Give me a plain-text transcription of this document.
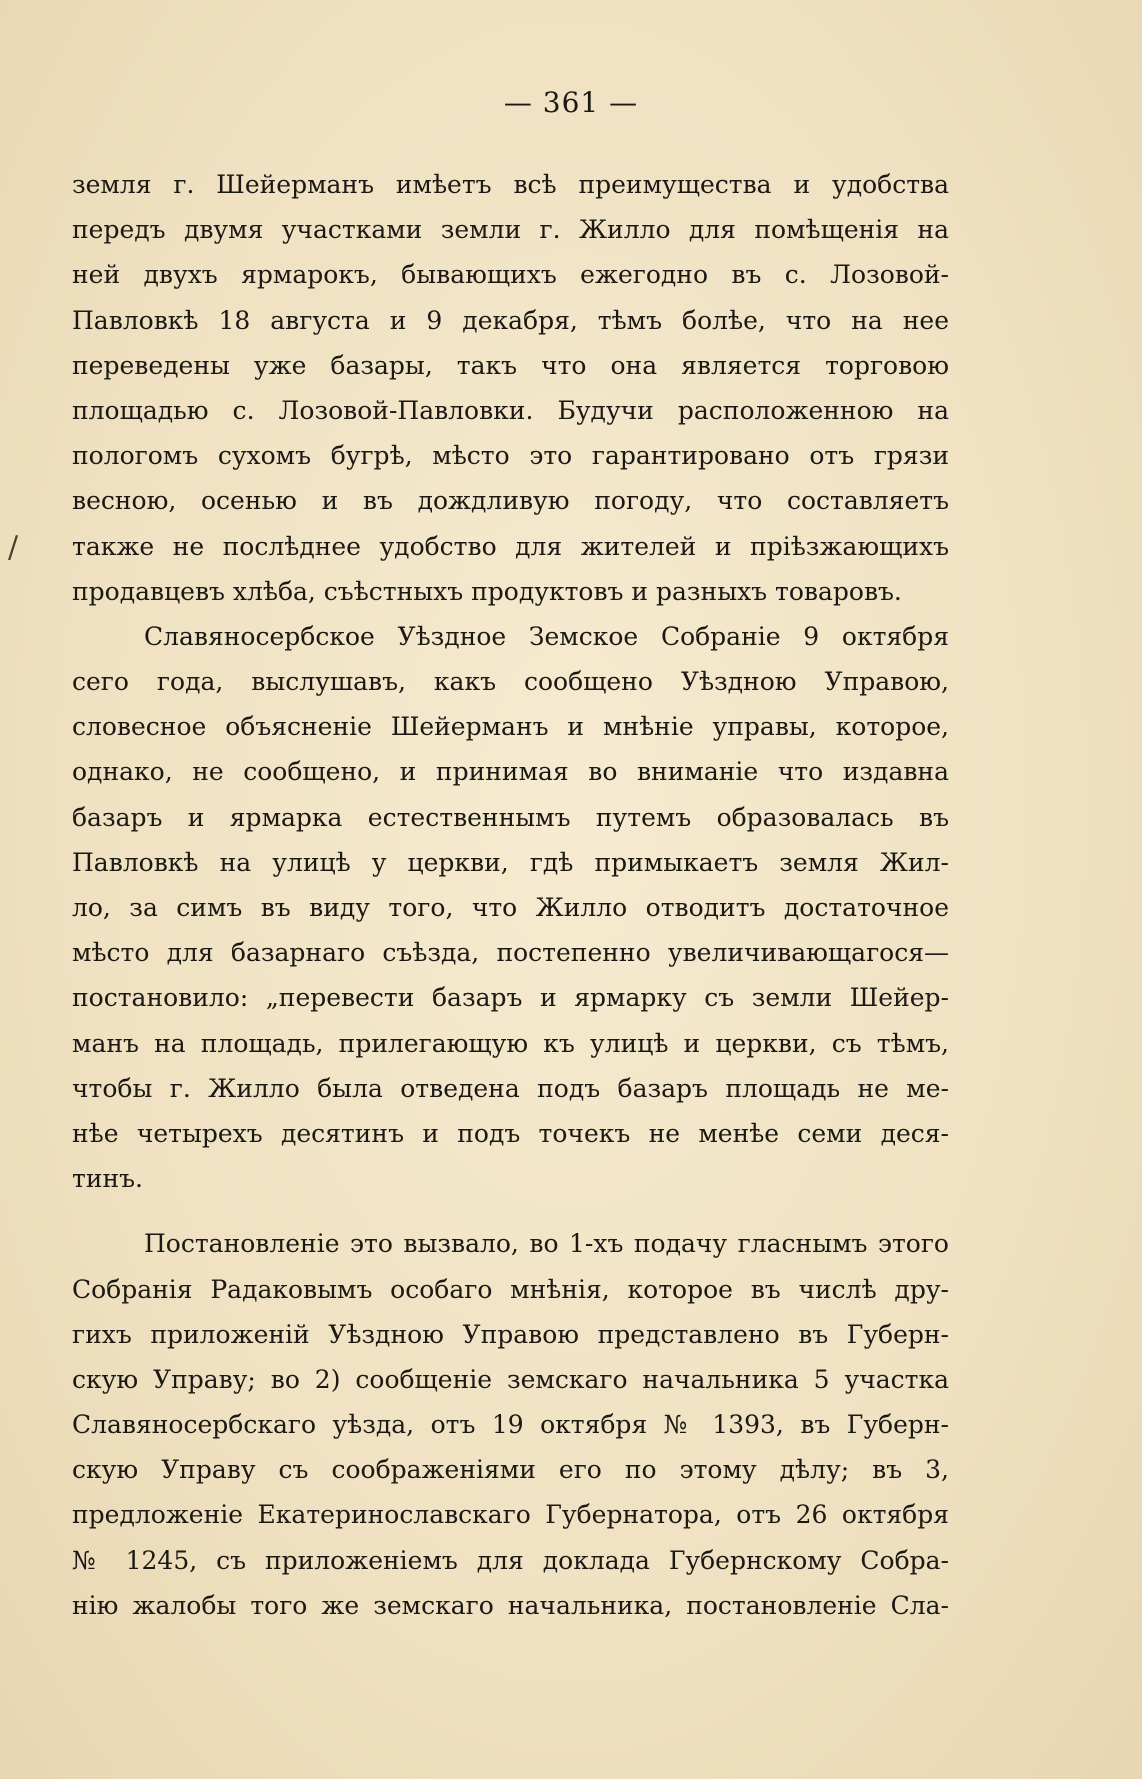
— 361 —
/
земля г. Шейерманъ имѣетъ всѣ преимущества и удобства
передъ двумя участками земли г. Жилло для помѣщенія на
ней двухъ ярмарокъ, бывающихъ ежегодно въ с. Лозовой-
Павловкѣ 18 августа и 9 декабря, тѣмъ болѣе, что на нее
переведены уже базары, такъ что она является торговою
площадью с. Лозовой-Павловки. Будучи расположенною на
пологомъ сухомъ бугрѣ, мѣсто это гарантировано отъ грязи
весною, осенью и въ дождливую погоду, что составляетъ
также не послѣднее удобство для жителей и пріѣзжающихъ
продавцевъ хлѣба, съѣстныхъ продуктовъ и разныхъ товаровъ.
Славяносербское Уѣздное Земское Собраніе 9 октября
сего года, выслушавъ, какъ сообщено Уѣздною Управою,
словесное объясненіе Шейерманъ и мнѣніе управы, которое,
однако, не сообщено, и принимая во вниманіе что издавна
базаръ и ярмарка естественнымъ путемъ образовалась въ
Павловкѣ на улицѣ у церкви, гдѣ примыкаетъ земля Жил-
ло, за симъ въ виду того, что Жилло отводитъ достаточное
мѣсто для базарнаго съѣзда, постепенно увеличивающагося—
постановило: „перевести базаръ и ярмарку съ земли Шейер-
манъ на площадь, прилегающую къ улицѣ и церкви, съ тѣмъ,
чтобы г. Жилло была отведена подъ базаръ площадь не ме-
нѣе четырехъ десятинъ и подъ точекъ не менѣе семи деся-
тинъ.
Постановленіе это вызвало, во 1-хъ подачу гласнымъ этого
Собранія Радаковымъ особаго мнѣнія, которое въ числѣ дру-
гихъ приложеній Уѣздною Управою представлено въ Губерн-
скую Управу; во 2) сообщеніе земскаго начальника 5 участка
Славяносербскаго уѣзда, отъ 19 октября № 1393, въ Губерн-
скую Управу съ соображеніями его по этому дѣлу; въ 3,
предложеніе Екатеринославскаго Губернатора, отъ 26 октября
№ 1245, съ приложеніемъ для доклада Губернскому Собра-
нію жалобы того же земскаго начальника, постановленіе Сла-
